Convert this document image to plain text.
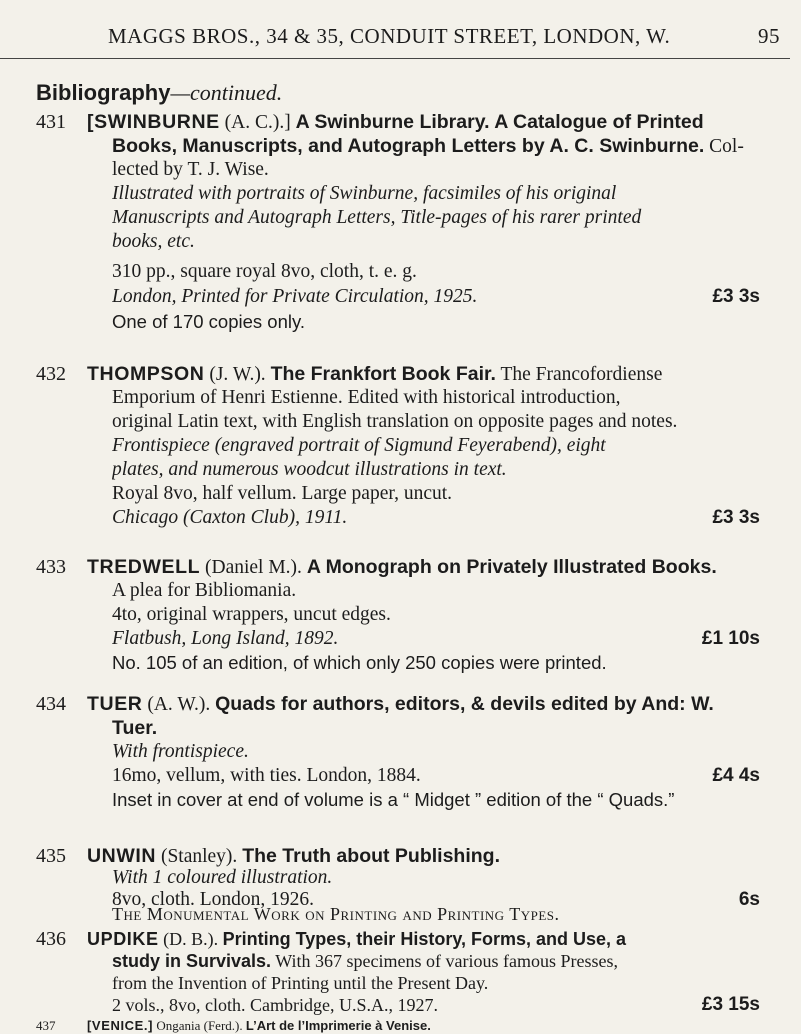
MAGGS BROS., 34 & 35, CONDUIT STREET, LONDON, W.	95
Bibliography—continued.
431 [SWINBURNE (A. C.).] A Swinburne Library. A Catalogue of Printed
Books, Manuscripts, and Autograph Letters by A. C. Swinburne. Col-
lected by T. J. Wise.
Illustrated with portraits of Swinburne, facsimiles of his original
Manuscripts and Autograph Letters, Title-pages of his rarer printed
books, etc.
310 pp., square royal 8vo, cloth, t. e. g.
London, Printed for Private Circulation, 1925.	£3 3s
One of 170 copies only.
432 THOMPSON (J. W.). The Frankfort Book Fair. The Francofordiense
Emporium of Henri Estienne. Edited with historical introduction,
original Latin text, with English translation on opposite pages and notes.
Frontispiece (engraved portrait of Sigmund Feyerabend), eight
plates, and numerous woodcut illustrations in text.
Royal 8vo, half vellum. Large paper, uncut.
Chicago (Caxton Club), 1911.	£3 3s
433 TREDWELL (Daniel M.). A Monograph on Privately Illustrated Books.
A plea for Bibliomania.
4to, original wrappers, uncut edges.
Flatbush, Long Island, 1892.	£1 10s
No. 105 of an edition, of which only 250 copies were printed.
434 TUER (A. W.). Quads for authors, editors, & devils edited by And: W.
Tuer.
With frontispiece.
16mo, vellum, with ties. London, 1884.	£4 4s
Inset in cover at end of volume is a “ Midget ” edition of the “ Quads.”
435 UNWIN (Stanley). The Truth about Publishing.
With 1 coloured illustration.
8vo, cloth. London, 1926.	6s
The Monumental Work on Printing and Printing Types.
436 UPDIKE (D. B.). Printing Types, their History, Forms, and Use, a
study in Survivals. With 367 specimens of various famous Presses,
from the Invention of Printing until the Present Day.
2 vols., 8vo, cloth. Cambridge, U.S.A., 1927.	£3 15s
437 [VENICE.] Ongania (Ferd.). L’Art de l’Imprimerie à Venise.
